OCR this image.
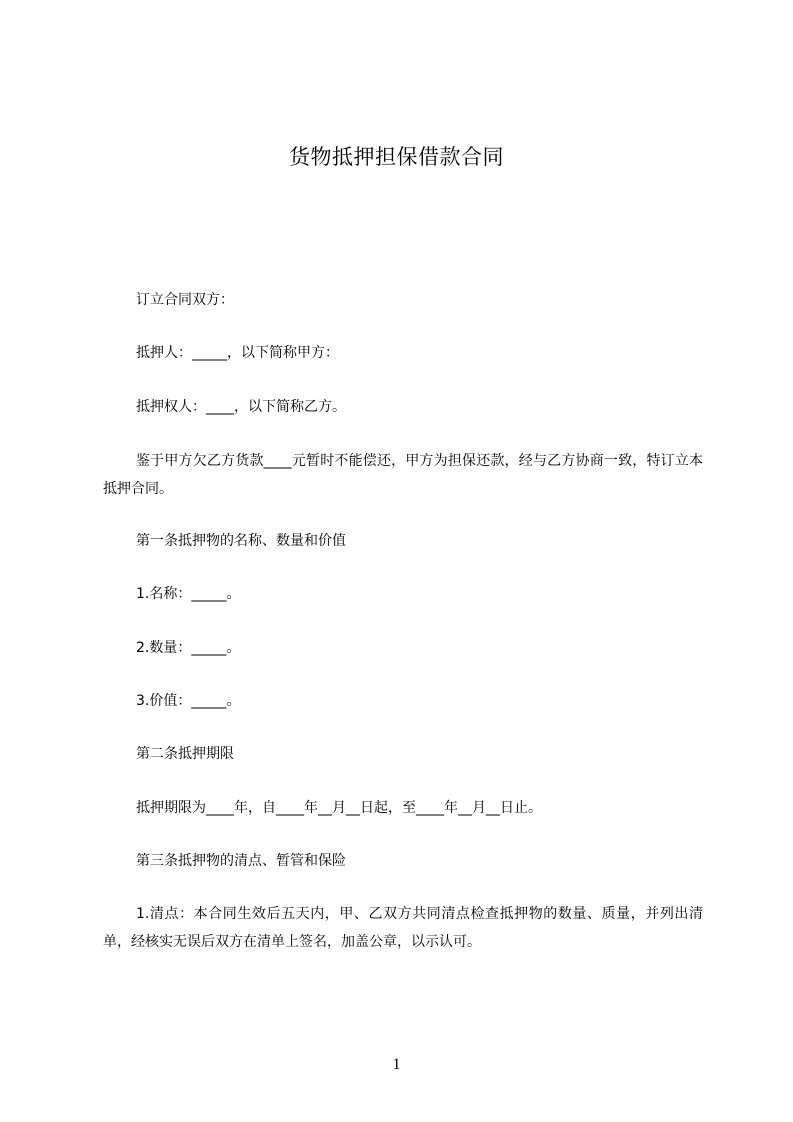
货物抵押担保借款合同

订立合同双方：

抵押人：_____，以下简称甲方：

抵押权人：____，以下简称乙方。

鉴于甲方欠乙方货款____元暂时不能偿还，甲方为担保还款，经与乙方协商一致，特订立本抵押合同。

第一条抵押物的名称、数量和价值

1.名称：_____。

2.数量：_____。

3.价值：_____。

第二条抵押期限

抵押期限为____年，自____年__月__日起，至____年__月__日止。

第三条抵押物的清点、暂管和保险

1.清点：本合同生效后五天内，甲、乙双方共同清点检查抵押物的数量、质量，并列出清单，经核实无误后双方在清单上签名，加盖公章，以示认可。

1
